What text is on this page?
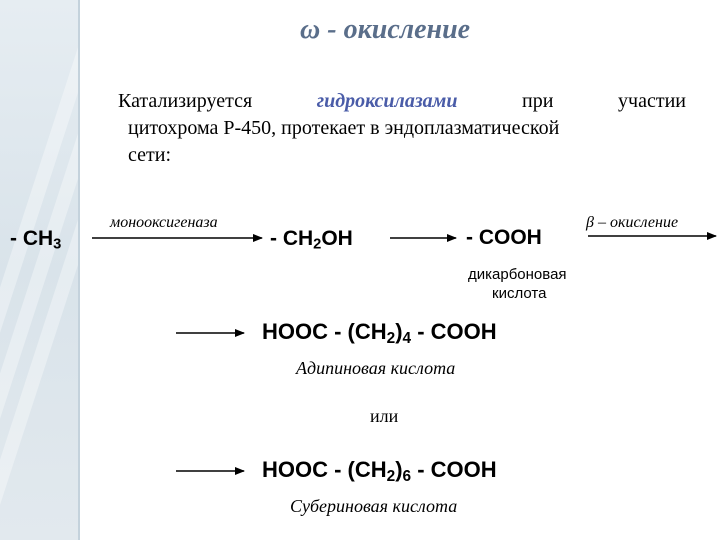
ω - окисление
Катализируется	гидроксилазами	при	участии
цитохрома Р-450, протекает в эндоплазматической
сети:
- $CH_3$
монооксигеназа
- $CH_2OH$	- COOH
дикарбоновая
кислота
β – окисление
HOOC - $(CH_2)_4$ - COOH
Адипиновая кислота
или
HOOC - $(CH_2)_6$ - COOH
Субериновая кислота
